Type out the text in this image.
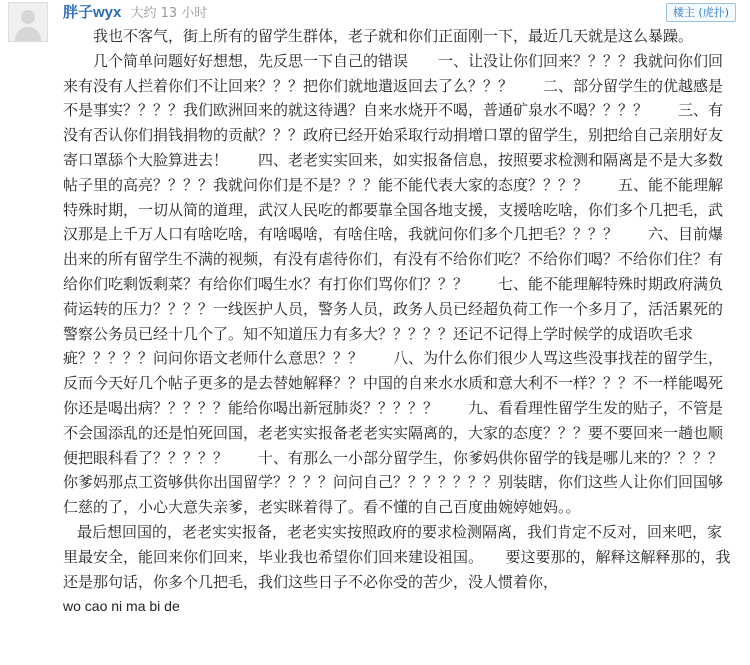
胖子wyx 大约 13 小时	楼主 (虎扑)

我也不客气，街上所有的留学生群体，老子就和你们正面刚一下，最近几天就是这么暴躁。

几个简单问题好好想想，先反思一下自己的错误　　一、让没让你们回来？？？？我就问你们回来有没有人拦着你们不让回来？？？把你们就地遣返回去了么？？？　　二、部分留学生的优越感是不是事实？？？？我们欧洲回来的就这待遇？自来水烧开不喝，普通矿泉水不喝？？？？　　三、有没有否认你们捐钱捐物的贡献？？？政府已经开始采取行动捐增口罩的留学生，别把给自己亲朋好友寄口罩舔个大脸算进去！　　四、老老实实回来，如实报备信息，按照要求检测和隔离是不是大多数帖子里的高亮？？？？我就问你们是不是？？？能不能代表大家的态度？？？？　　五、能不能理解特殊时期，一切从简的道理，武汉人民吃的都要靠全国各地支援，支援啥吃啥，你们多个几把毛，武汉那是上千万人口有啥吃啥，有啥喝啥，有啥住啥，我就问你们多个几把毛？？？？　　六、目前爆出来的所有留学生不满的视频，有没有虐待你们，有没有不给你们吃？不给你们喝？不给你们住？有给你们吃剩饭剩菜？有给你们喝生水？有打你们骂你们？？？　　七、能不能理解特殊时期政府满负荷运转的压力？？？？一线医护人员，警务人员，政务人员已经超负荷工作一个多月了，活活累死的警察公务员已经十几个了。知不知道压力有多大？？？？？还记不记得上学时候学的成语吹毛求疵？？？？？问问你语文老师什么意思？？？　　八、为什么你们很少人骂这些没事找茬的留学生，反而今天好几个帖子更多的是去替她解释？？中国的自来水水质和意大利不一样？？？不一样能喝死你还是喝出病？？？？？能给你喝出新冠肺炎？？？？？　　九、看看理性留学生发的贴子，不管是不会国添乱的还是怕死回国，老老实实报备老老实实隔离的，大家的态度？？？要不要回来一趟也顺便把眼科看了？？？？？　　十、有那么一小部分留学生，你爹妈供你留学的钱是哪儿来的？？？？你爹妈那点工资够供你出国留学？？？？问问自己？？？？？？？别装瞎，你们这些人让你们回国够仁慈的了，小心大意失亲爹，老实眯着得了。看不懂的自己百度曲婉婷她妈。。

最后想回国的，老老实实报备，老老实实按照政府的要求检测隔离，我们肯定不反对，回来吧，家里最安全，能回来你们回来，毕业我也希望你们回来建设祖国。　　要这要那的，解释这解释那的，我还是那句话，你多个几把毛，我们这些日子不必你受的苦少，没人惯着你，

wo cao ni ma bi de
